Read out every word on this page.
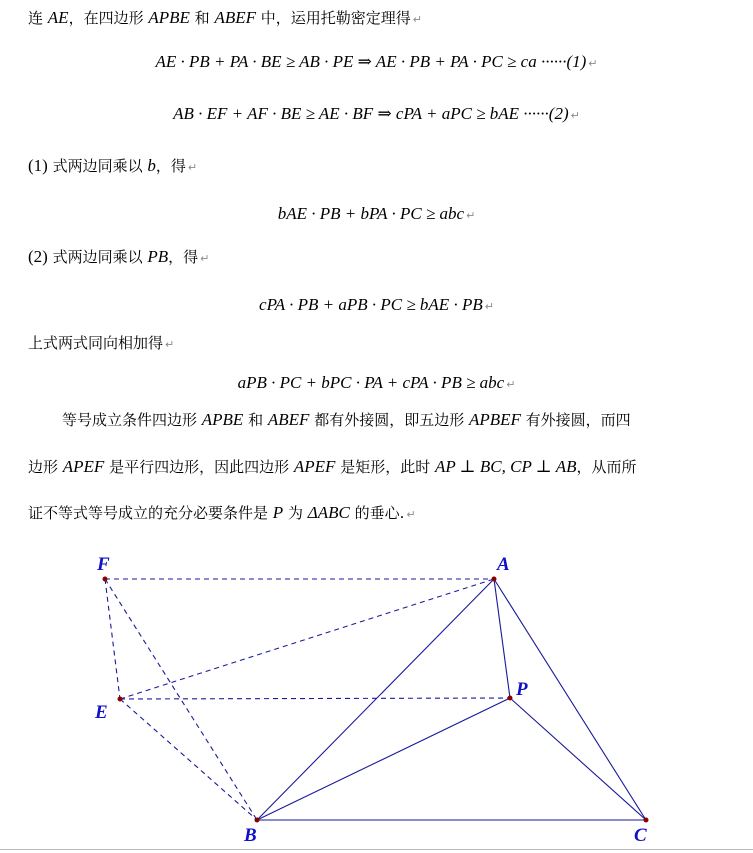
连 AE，在四边形 APBE 和 ABEF 中，运用托勒密定理得 ↵
AE · PB + PA · BE ≥ AB · PE ⇒ AE · PB + PA · PC ≥ ca ······(1) ↵
AB · EF + AF · BE ≥ AE · BF ⇒ cPA + aPC ≥ bAE ······(2) ↵
(1) 式两边同乘以 b，得 ↵
bAE · PB + bPA · PC ≥ abc ↵
(2) 式两边同乘以 PB，得 ↵
cPA · PB + aPB · PC ≥ bAE · PB ↵
上式两式同向相加得 ↵
aPB · PC + bPC · PA + cPA · PB ≥ abc ↵
等号成立条件四边形 APBE 和 ABEF 都有外接圆，即五边形 APBEF 有外接圆，而四
边形 APEF 是平行四边形，因此四边形 APEF 是矩形，此时 AP ⊥ BC, CP ⊥ AB，从而所
证不等式等号成立的充分必要条件是 P 为 ΔABC 的垂心. ↵
F	A
E
P
B	C
